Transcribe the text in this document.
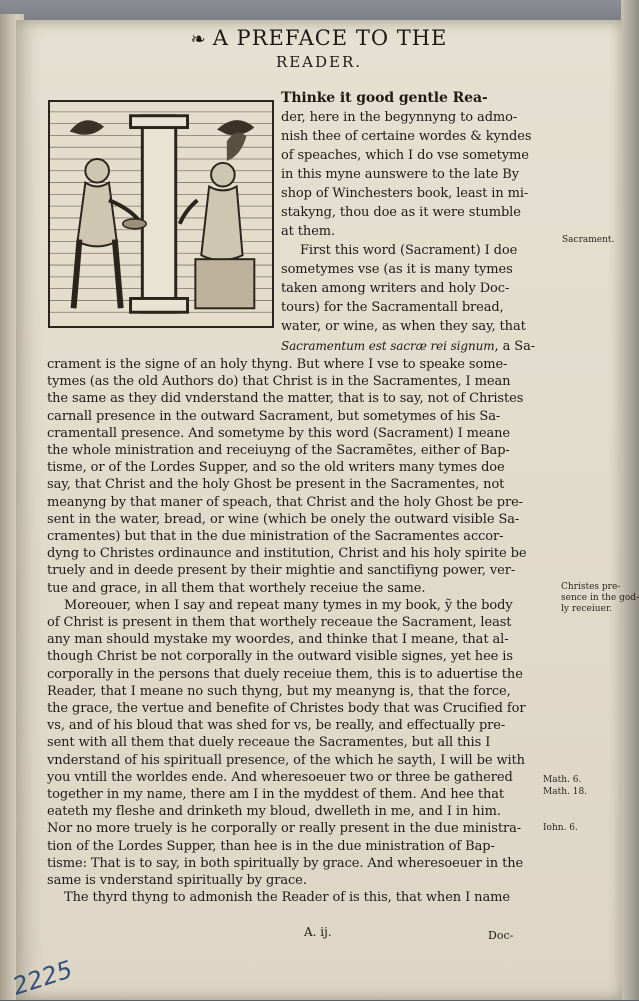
❧ A PREFACE TO THE
READER.
Thinke it good gentle Rea-
der, here in the begynnyng to admo-
nish thee of certaine wordes & kyndes
of speaches, which I do vse sometyme
in this myne aunswere to the late By
shop of Winchesters book, least in mi-
stakyng, thou doe as it were stumble
at them.
First this word (Sacrament) I doe
sometymes vse (as it is many tymes
taken among writers and holy Doc-
tours) for the Sacramentall bread,
water, or wine, as when they say, that
Sacramentum est sacræ rei signum, a Sa-
crament is the signe of an holy thyng. But where I vse to speake some-
tymes (as the old Authors do) that Christ is in the Sacramentes, I mean
the same as they did vnderstand the matter, that is to say, not of Christes
carnall presence in the outward Sacrament, but sometymes of his Sa-
cramentall presence. And sometyme by this word (Sacrament) I meane
the whole ministration and receiuyng of the Sacramẽtes, either of Bap-
tisme, or of the Lordes Supper, and so the old writers many tymes doe
say, that Christ and the holy Ghost be present in the Sacramentes, not
meanyng by that maner of speach, that Christ and the holy Ghost be pre-
sent in the water, bread, or wine (which be onely the outward visible Sa-
cramentes) but that in the due ministration of the Sacramentes accor-
dyng to Christes ordinaunce and institution, Christ and his holy spirite be
truely and in deede present by their mightie and sanctifiyng power, ver-
tue and grace, in all them that worthely receiue the same.
Moreouer, when I say and repeat many tymes in my book, ỹ the body
of Christ is present in them that worthely receaue the Sacrament, least
any man should mystake my woordes, and thinke that I meane, that al-
though Christ be not corporally in the outward visible signes, yet hee is
corporally in the persons that duely receiue them, this is to aduertise the
Reader, that I meane no such thyng, but my meanyng is, that the force,
the grace, the vertue and benefite of Christes body that was Crucified for
vs, and of his bloud that was shed for vs, be really, and effectually pre-
sent with all them that duely receaue the Sacramentes, but all this I
vnderstand of his spirituall presence, of the which he sayth, I will be with
you vntill the worldes ende. And wheresoeuer two or three be gathered
together in my name, there am I in the myddest of them. And hee that
eateth my fleshe and drinketh my bloud, dwelleth in me, and I in him.
Nor no more truely is he corporally or really present in the due ministra-
tion of the Lordes Supper, than hee is in the due ministration of Bap-
tisme: That is to say, in both spiritually by grace. And wheresoeuer in the
Sacrament.
Christes pre-
sence in the god-
ly receiuer.
Math. 6.
Math. 18.
Iohn. 6.
A. ij.	Doc-
2225
same is vnderstand spiritually by grace.
The thyrd thyng to admonish the Reader of is this, that when I name
